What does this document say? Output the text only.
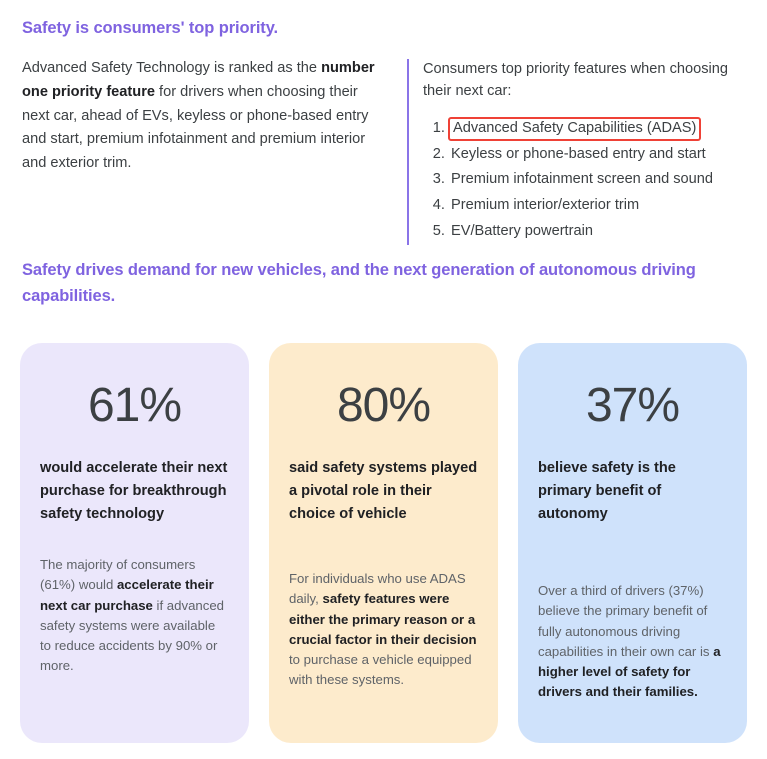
Safety is consumers' top priority.

Advanced Safety Technology is ranked as the number one priority feature for drivers when choosing their next car, ahead of EVs, keyless or phone-based entry and start, premium infotainment and premium interior and exterior trim.

Consumers top priority features when choosing their next car:
1. Advanced Safety Capabilities (ADAS)
2. Keyless or phone-based entry and start
3. Premium infotainment screen and sound
4. Premium interior/exterior trim
5. EV/Battery powertrain
Safety drives demand for new vehicles, and the next generation of autonomous driving capabilities.
61%
would accelerate their next purchase for breakthrough safety technology
The majority of consumers (61%) would accelerate their next car purchase if advanced safety systems were available to reduce accidents by 90% or more.
80%
said safety systems played a pivotal role in their choice of vehicle
For individuals who use ADAS daily, safety features were either the primary reason or a crucial factor in their decision to purchase a vehicle equipped with these systems.
37%
believe safety is the primary benefit of autonomy
Over a third of drivers (37%) believe the primary benefit of fully autonomous driving capabilities in their own car is a higher level of safety for drivers and their families.
